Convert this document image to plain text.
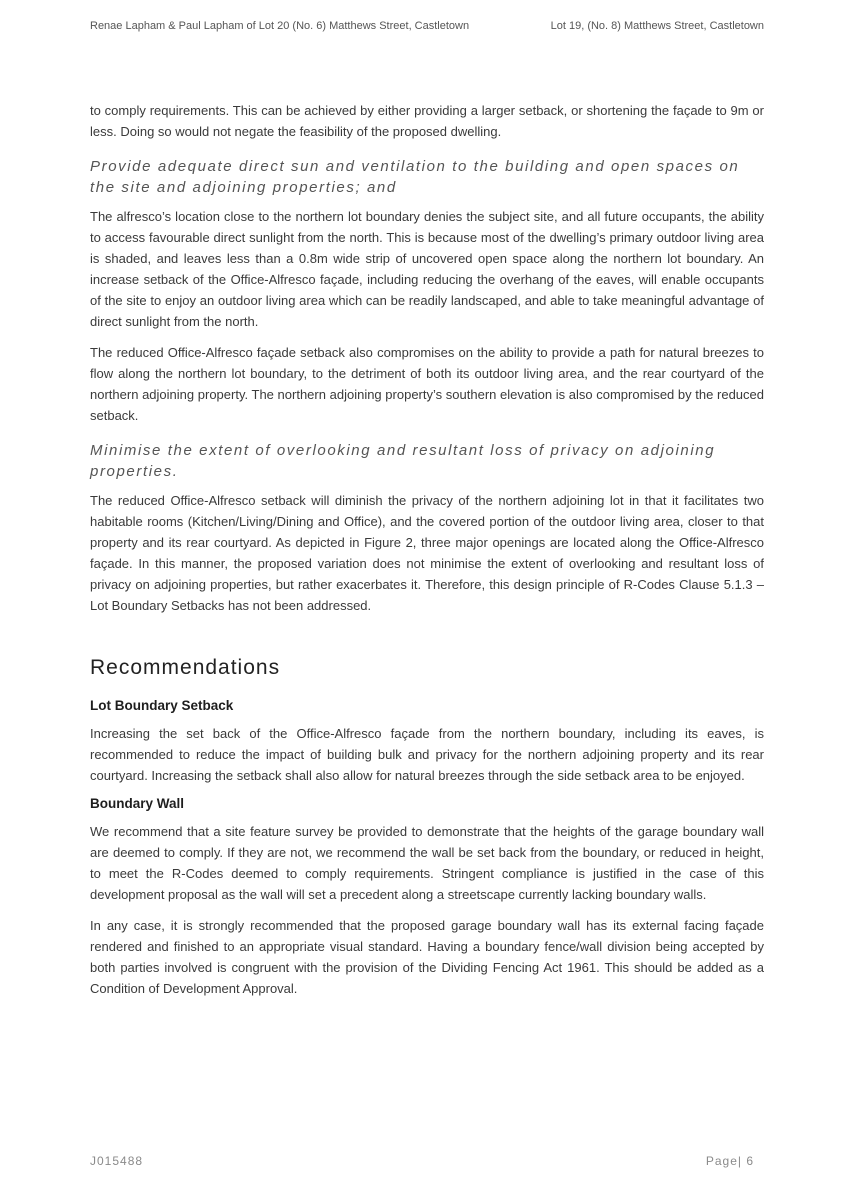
Renae Lapham & Paul Lapham of Lot 20 (No. 6) Matthews Street, Castletown	Lot 19, (No. 8) Matthews Street, Castletown

to comply requirements. This can be achieved by either providing a larger setback, or shortening the façade to 9m or less. Doing so would not negate the feasibility of the proposed dwelling.

Provide adequate direct sun and ventilation to the building and open spaces on the site and adjoining properties; and

The alfresco’s location close to the northern lot boundary denies the subject site, and all future occupants, the ability to access favourable direct sunlight from the north. This is because most of the dwelling’s primary outdoor living area is shaded, and leaves less than a 0.8m wide strip of uncovered open space along the northern lot boundary. An increase setback of the Office-Alfresco façade, including reducing the overhang of the eaves, will enable occupants of the site to enjoy an outdoor living area which can be readily landscaped, and able to take meaningful advantage of direct sunlight from the north.

The reduced Office-Alfresco façade setback also compromises on the ability to provide a path for natural breezes to flow along the northern lot boundary, to the detriment of both its outdoor living area, and the rear courtyard of the northern adjoining property. The northern adjoining property’s southern elevation is also compromised by the reduced setback.

Minimise the extent of overlooking and resultant loss of privacy on adjoining properties.

The reduced Office-Alfresco setback will diminish the privacy of the northern adjoining lot in that it facilitates two habitable rooms (Kitchen/Living/Dining and Office), and the covered portion of the outdoor living area, closer to that property and its rear courtyard. As depicted in Figure 2, three major openings are located along the Office-Alfresco façade. In this manner, the proposed variation does not minimise the extent of overlooking and resultant loss of privacy on adjoining properties, but rather exacerbates it. Therefore, this design principle of R-Codes Clause 5.1.3 – Lot Boundary Setbacks has not been addressed.

Recommendations
Lot Boundary Setback

Increasing the set back of the Office-Alfresco façade from the northern boundary, including its eaves, is recommended to reduce the impact of building bulk and privacy for the northern adjoining property and its rear courtyard. Increasing the setback shall also allow for natural breezes through the side setback area to be enjoyed.

Boundary Wall

We recommend that a site feature survey be provided to demonstrate that the heights of the garage boundary wall are deemed to comply. If they are not, we recommend the wall be set back from the boundary, or reduced in height, to meet the R-Codes deemed to comply requirements. Stringent compliance is justified in the case of this development proposal as the wall will set a precedent along a streetscape currently lacking boundary walls.

In any case, it is strongly recommended that the proposed garage boundary wall has its external facing façade rendered and finished to an appropriate visual standard. Having a boundary fence/wall division being accepted by both parties involved is congruent with the provision of the Dividing Fencing Act 1961. This should be added as a Condition of Development Approval.

J015488	Page| 6
